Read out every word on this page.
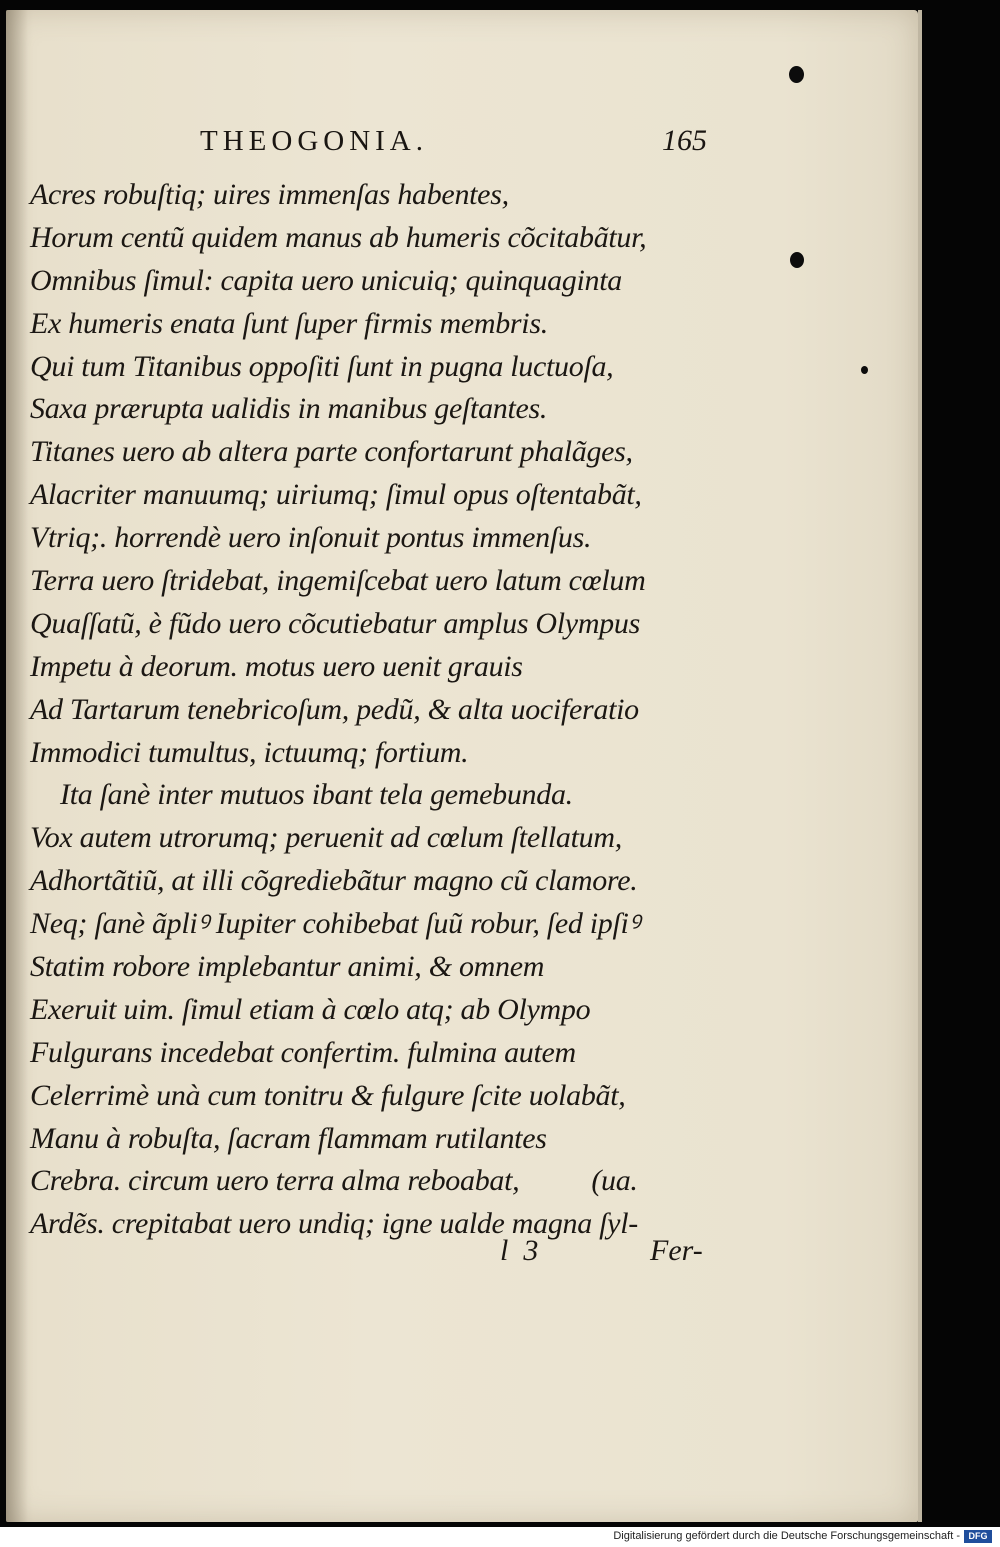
THEOGONIA.	165
Acres robuſtiq; uires immenſas habentes,
Horum centũ quidem manus ab humeris cõcitabãtur,
Omnibus ſimul: capita uero unicuiq; quinquaginta
Ex humeris enata ſunt ſuper firmis membris.
Qui tum Titanibus oppoſiti ſunt in pugna luctuoſa,
Saxa prærupta ualidis in manibus geſtantes.
Titanes uero ab altera parte confortarunt phalãges,
Alacriter manuumq; uiriumq; ſimul opus oſtentabãt,
Vtriq;. horrendè uero inſonuit pontus immenſus.
Terra uero ſtridebat, ingemiſcebat uero latum cœlum
Quaſſatũ, è fũdo uero cõcutiebatur amplus Olympus
Impetu à deorum. motus uero uenit grauis
Ad Tartarum tenebricoſum, pedũ, & alta uociferatio
Immodici tumultus, ictuumq; fortium.
Ita ſanè inter mutuos ibant tela gemebunda.
Vox autem utrorumq; peruenit ad cœlum ſtellatum,
Adhortãtiũ, at illi cõgrediebãtur magno cũ clamore.
Neq; ſanè ãpliꝰ Iupiter cohibebat ſuũ robur, ſed ipſiꝰ
Statim robore implebantur animi, & omnem
Exeruit uim. ſimul etiam à cœlo atq; ab Olympo
Fulgurans incedebat confertim. fulmina autem
Celerrimè unà cum tonitru & fulgure ſcite uolabãt,
Manu à robuſta, ſacram flammam rutilantes
Crebra. circum uero terra alma reboabat,          (ua.
Ardẽs. crepitabat uero undiq; igne ualde magna ſyl-
l  3	Fer-
Digitalisierung gefördert durch die Deutsche Forschungsgemeinschaft - DFG
